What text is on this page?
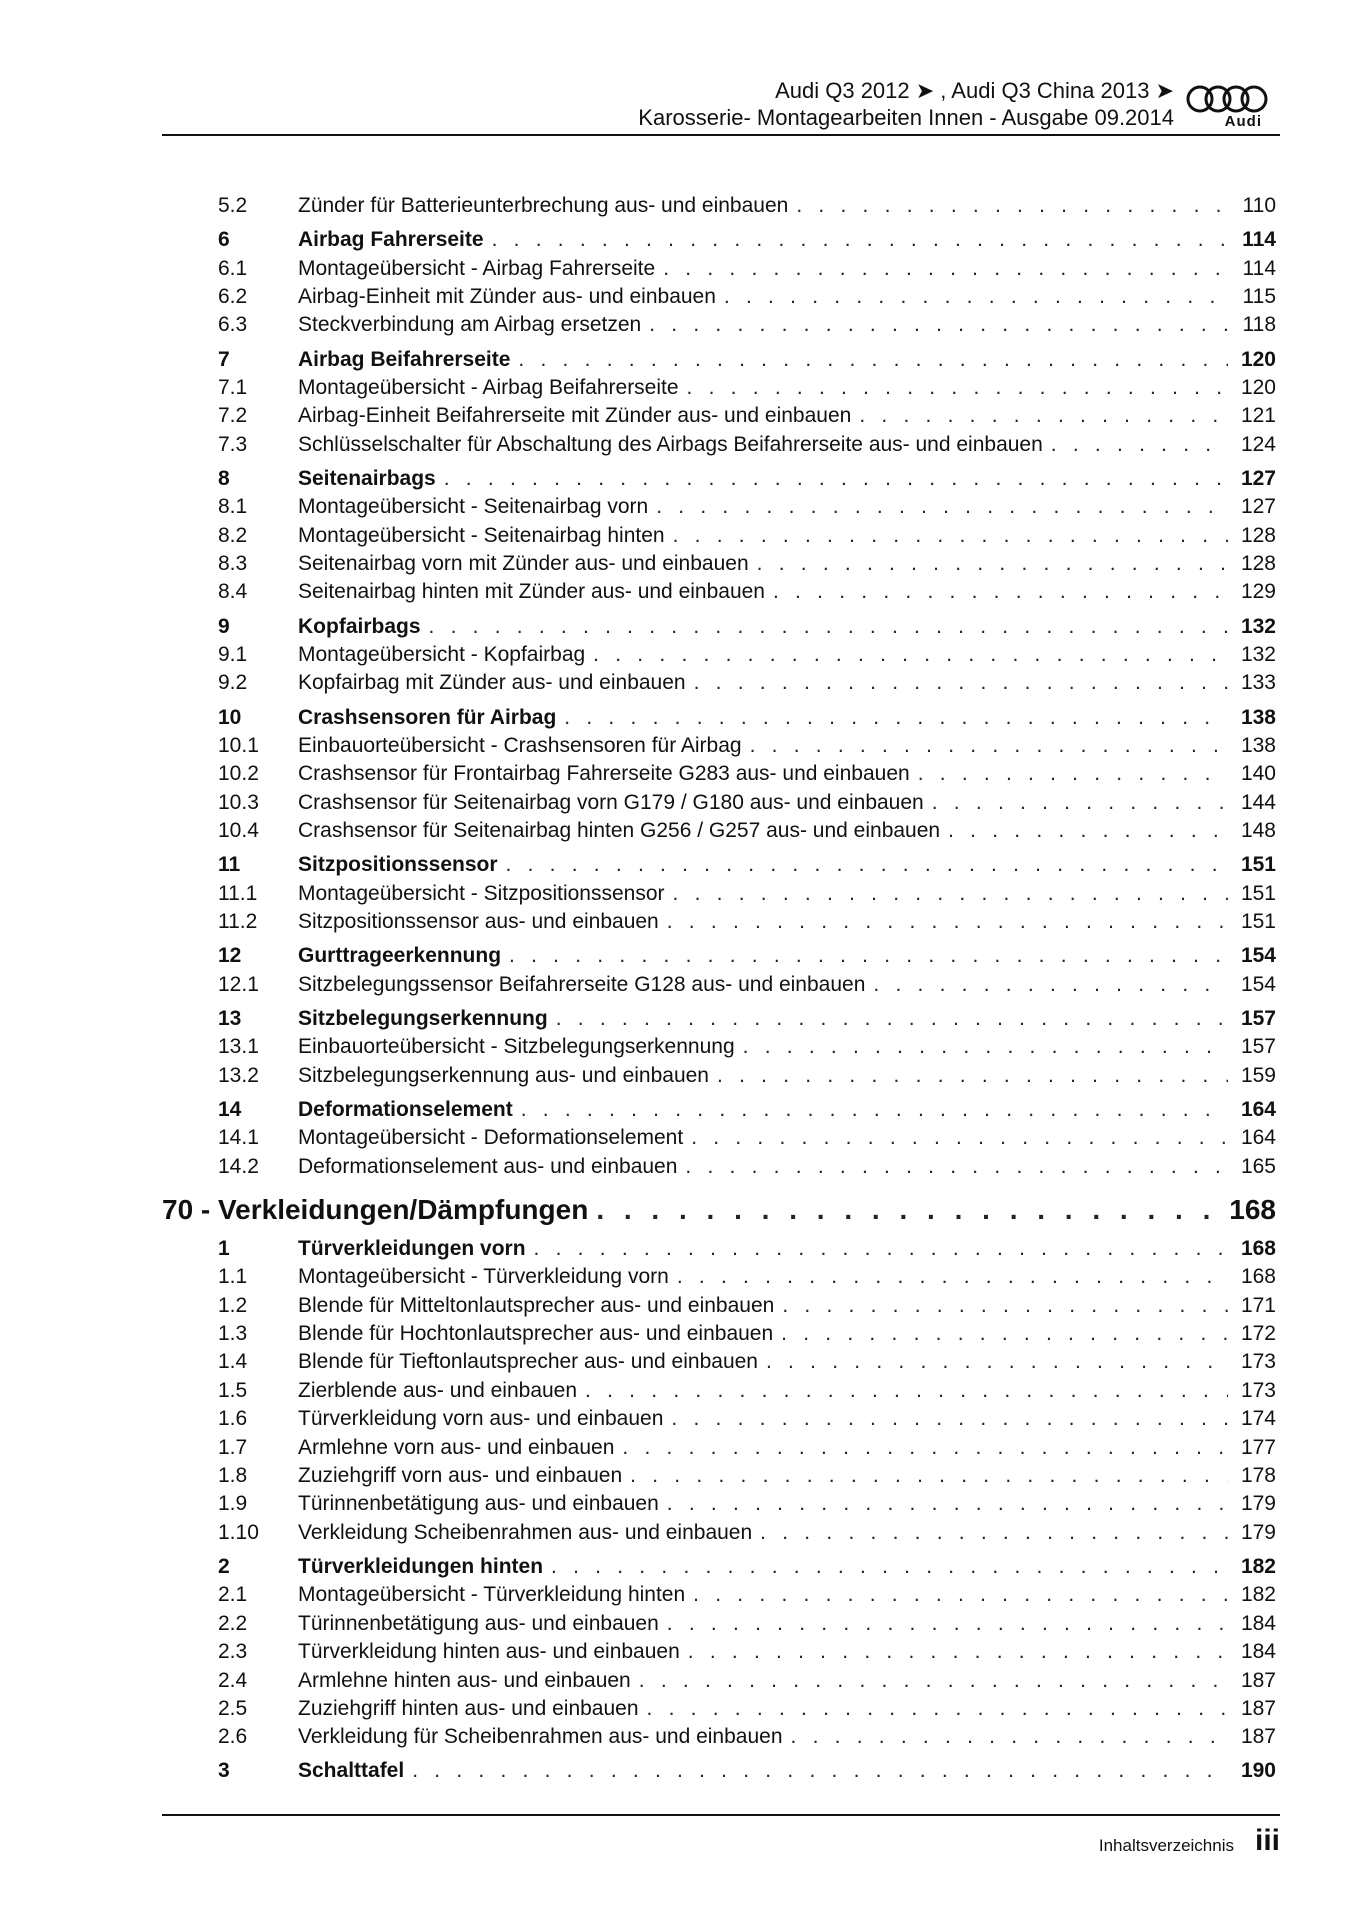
Audi Q3 2012 ➤ , Audi Q3 China 2013 ➤
Karosserie- Montagearbeiten Innen - Ausgabe 09.2014	Audi
5.2	Zünder für Batterieunterbrechung aus- und einbauen . . .	110
6	Airbag Fahrerseite . . .	114
6.1	Montageübersicht - Airbag Fahrerseite . . .	114
6.2	Airbag-Einheit mit Zünder aus- und einbauen . . .	115
6.3	Steckverbindung am Airbag ersetzen . . .	118
7	Airbag Beifahrerseite . . .	120
7.1	Montageübersicht - Airbag Beifahrerseite . . .	120
7.2	Airbag-Einheit Beifahrerseite mit Zünder aus- und einbauen . . .	121
7.3	Schlüsselschalter für Abschaltung des Airbags Beifahrerseite aus- und einbauen . . .	124
8	Seitenairbags . . .	127
8.1	Montageübersicht - Seitenairbag vorn . . .	127
8.2	Montageübersicht - Seitenairbag hinten . . .	128
8.3	Seitenairbag vorn mit Zünder aus- und einbauen . . .	128
8.4	Seitenairbag hinten mit Zünder aus- und einbauen . . .	129
9	Kopfairbags . . .	132
9.1	Montageübersicht - Kopfairbag . . .	132
9.2	Kopfairbag mit Zünder aus- und einbauen . . .	133
10	Crashsensoren für Airbag . . .	138
10.1	Einbauorteübersicht - Crashsensoren für Airbag . . .	138
10.2	Crashsensor für Frontairbag Fahrerseite G283 aus- und einbauen . . .	140
10.3	Crashsensor für Seitenairbag vorn G179 / G180 aus- und einbauen . . .	144
10.4	Crashsensor für Seitenairbag hinten G256 / G257 aus- und einbauen . . .	148
11	Sitzpositionssensor . . .	151
11.1	Montageübersicht - Sitzpositionssensor . . .	151
11.2	Sitzpositionssensor aus- und einbauen . . .	151
12	Gurttrageerkennung . . .	154
12.1	Sitzbelegungssensor Beifahrerseite G128 aus- und einbauen . . .	154
13	Sitzbelegungserkennung . . .	157
13.1	Einbauorteübersicht - Sitzbelegungserkennung . . .	157
13.2	Sitzbelegungserkennung aus- und einbauen . . .	159
14	Deformationselement . . .	164
14.1	Montageübersicht - Deformationselement . . .	164
14.2	Deformationselement aus- und einbauen . . .	165
70 - Verkleidungen/Dämpfungen . . .	168
1	Türverkleidungen vorn . . .	168
1.1	Montageübersicht - Türverkleidung vorn . . .	168
1.2	Blende für Mitteltonlautsprecher aus- und einbauen . . .	171
1.3	Blende für Hochtonlautsprecher aus- und einbauen . . .	172
1.4	Blende für Tieftonlautsprecher aus- und einbauen . . .	173
1.5	Zierblende aus- und einbauen . . .	173
1.6	Türverkleidung vorn aus- und einbauen . . .	174
1.7	Armlehne vorn aus- und einbauen . . .	177
1.8	Zuziehgriff vorn aus- und einbauen . . .	178
1.9	Türinnenbetätigung aus- und einbauen . . .	179
1.10	Verkleidung Scheibenrahmen aus- und einbauen . . .	179
2	Türverkleidungen hinten . . .	182
2.1	Montageübersicht - Türverkleidung hinten . . .	182
2.2	Türinnenbetätigung aus- und einbauen . . .	184
2.3	Türverkleidung hinten aus- und einbauen . . .	184
2.4	Armlehne hinten aus- und einbauen . . .	187
2.5	Zuziehgriff hinten aus- und einbauen . . .	187
2.6	Verkleidung für Scheibenrahmen aus- und einbauen . . .	187
3	Schalttafel . . .	190
Inhaltsverzeichnis iii
